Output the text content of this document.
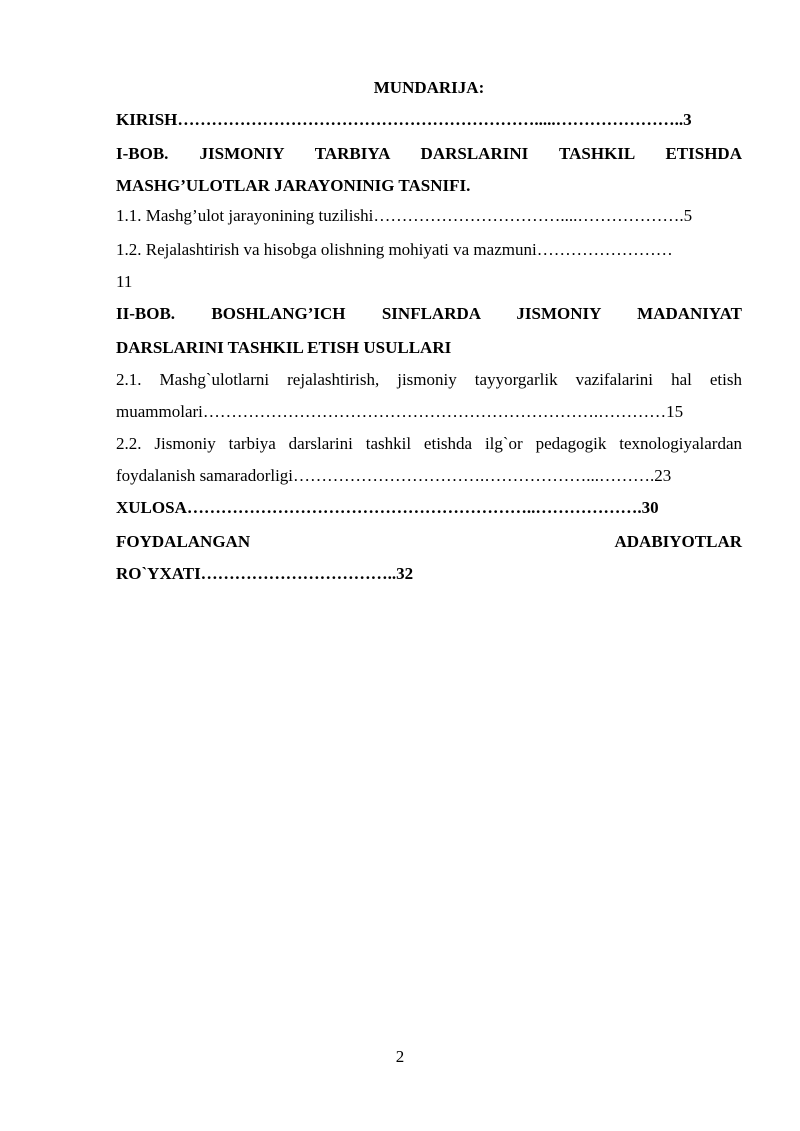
MUNDARIJA:
KIRISH……………………………………………………….....…………………..3
I-BOB. JISMONIY TARBIYA DARSLARINI TASHKIL ETISHDA
MASHG’ULOTLAR JARAYONINIG TASNIFI.
1.1. Mashg’ulot jarayonining tuzilishi……………………………....……………….5
1.2. Rejalashtirish va hisobga olishning mohiyati va mazmuni……………………
11
II-BOB. BOSHLANG’ICH SINFLARDA JISMONIY MADANIYAT
DARSLARINI TASHKIL ETISH USULLARI
2.1. Mashg`ulotlarni rejalashtirish, jismoniy tayyorgarlik vazifalarini hal etish
muammolari…………………………………………………………….…………15
2.2. Jismoniy tarbiya darslarini tashkil etishda ilg`or pedagogik texnologiyalardan
foydalanish samaradorligi…………………………….………………...……….23
XULOSA……………………………………………………..……………….30
FOYDALANGAN ADABIYOTLAR
RO`YXATI……………………………..32
2
